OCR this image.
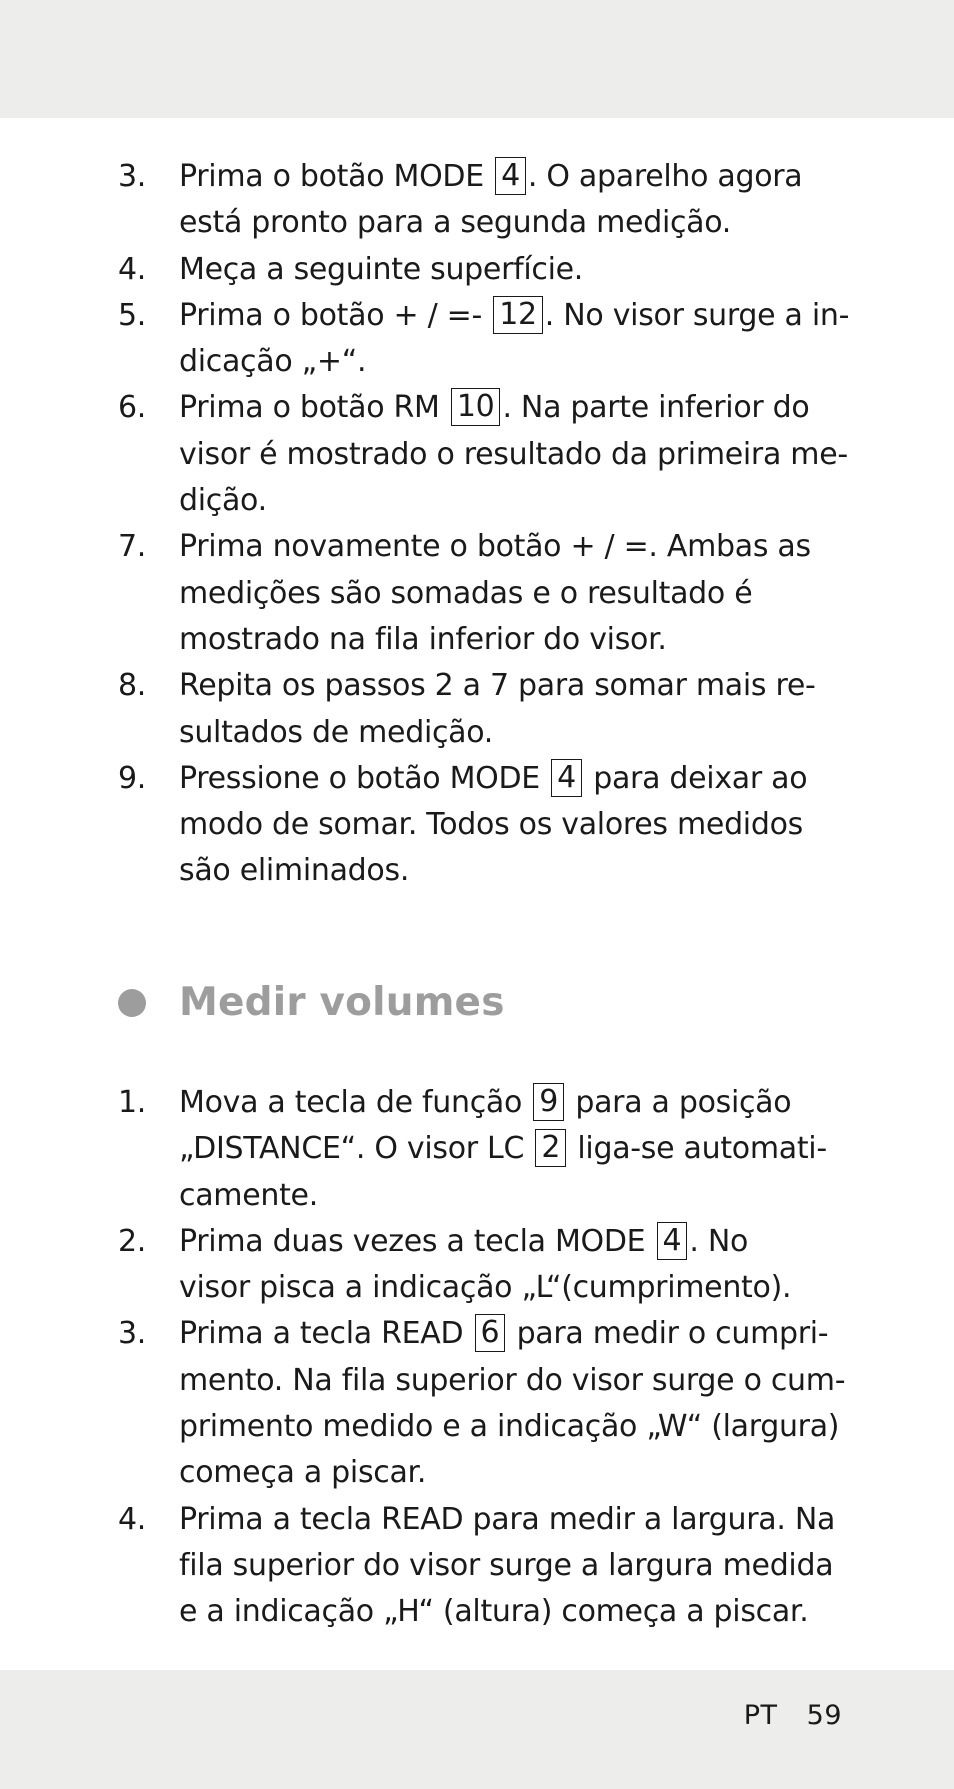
3. Prima o botão MODE 4 . O aparelho agora
está pronto para a segunda medição.
4. Meça a seguinte superfície.
5. Prima o botão + / =- 12 . No visor surge a in-
dicação „+“.
6. Prima o botão RM 10 . Na parte inferior do
visor é mostrado o resultado da primeira me-
dição.
7. Prima novamente o botão + / =. Ambas as
medições são somadas e o resultado é
mostrado na fila inferior do visor.
8. Repita os passos 2 a 7 para somar mais re-
sultados de medição.
9. Pressione o botão MODE 4 para deixar ao
modo de somar. Todos os valores medidos
são eliminados.
Medir volumes
1. Mova a tecla de função 9 para a posição
„DISTANCE“. O visor LC 2 liga-se automati-
camente.
2. Prima duas vezes a tecla MODE 4 . No
visor pisca a indicação „L“(cumprimento).
3. Prima a tecla READ 6 para medir o cumpri-
mento. Na fila superior do visor surge o cum-
primento medido e a indicação „W“ (largura)
começa a piscar.
4. Prima a tecla READ para medir a largura. Na
fila superior do visor surge a largura medida
e a indicação „H“ (altura) começa a piscar.
PT 59
